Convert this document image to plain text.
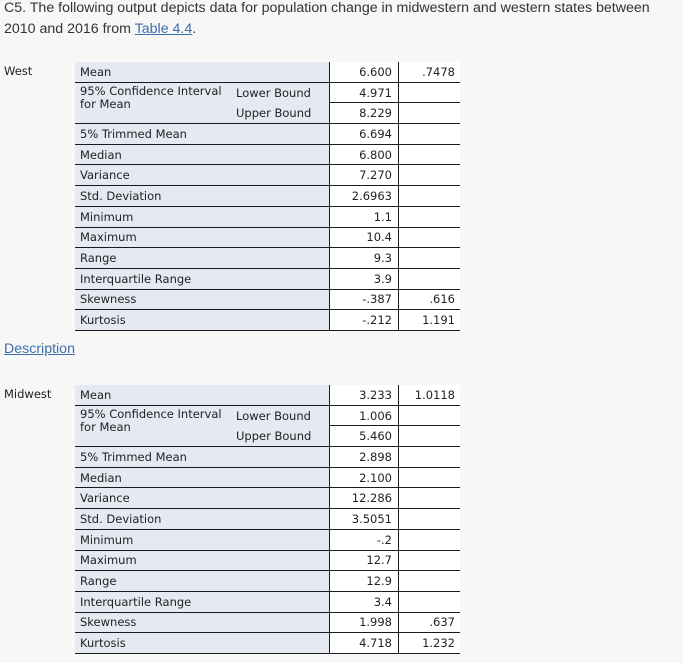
C5. The following output depicts data for population change in midwestern and western states between 2010 and 2016 from Table 4.4.
West	Mean		6.600	.7478
	95% Confidence Interval for Mean	Lower Bound	4.971	
		Upper Bound	8.229	
	5% Trimmed Mean		6.694	
	Median		6.800	
	Variance		7.270	
	Std. Deviation		2.6963	
	Minimum		1.1	
	Maximum		10.4	
	Range		9.3	
	Interquartile Range		3.9	
	Skewness		-.387	.616
	Kurtosis		-.212	1.191
Description
Midwest	Mean		3.233	1.0118
	95% Confidence Interval for Mean	Lower Bound	1.006	
		Upper Bound	5.460	
	5% Trimmed Mean		2.898	
	Median		2.100	
	Variance		12.286	
	Std. Deviation		3.5051	
	Minimum		-.2	
	Maximum		12.7	
	Range		12.9	
	Interquartile Range		3.4	
	Skewness		1.998	.637
	Kurtosis		4.718	1.232
